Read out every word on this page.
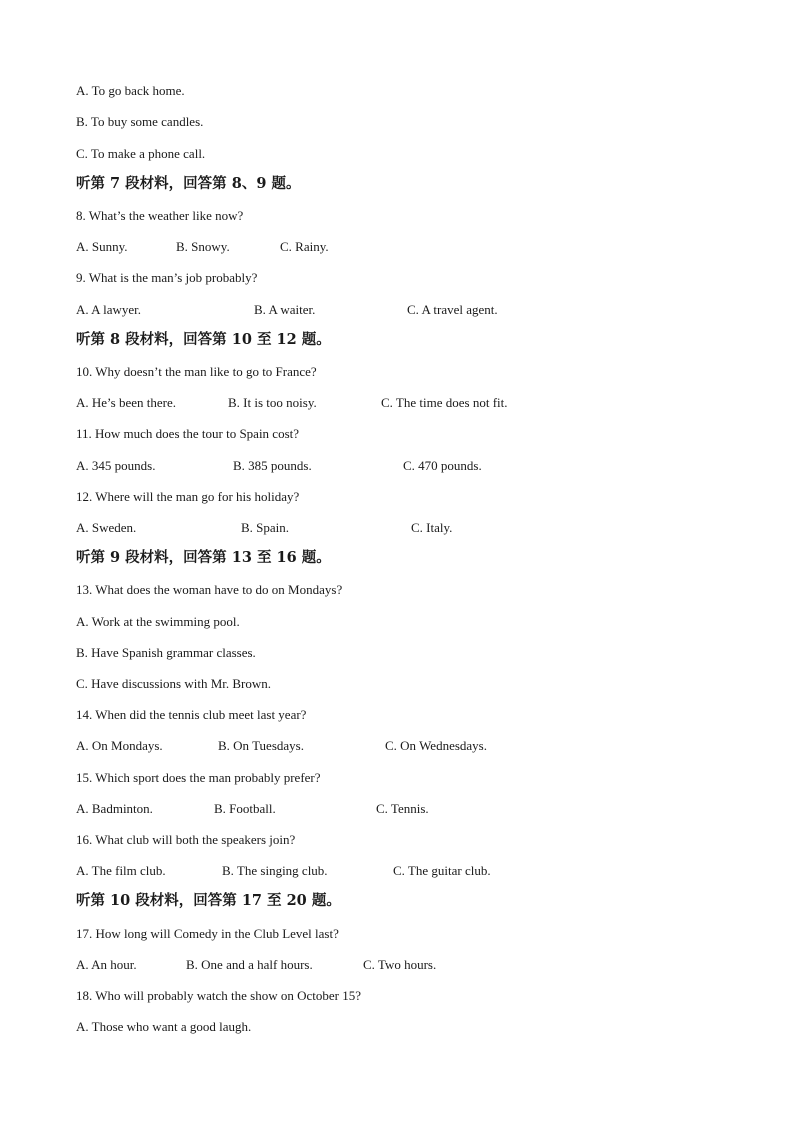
A. To go back home.
B. To buy some candles.
C. To make a phone call.
听第 7 段材料，回答第 8、9 题。
8. What’s the weather like now?
A. Sunny.	B. Snowy.	C. Rainy.
9. What is the man’s job probably?
A. A lawyer.	B. A waiter.	C. A travel agent.
听第 8 段材料，回答第 10 至 12 题。
10. Why doesn’t the man like to go to France?
A. He’s been there.	B. It is too noisy.	C. The time does not fit.
11. How much does the tour to Spain cost?
A. 345 pounds.	B. 385 pounds.	C. 470 pounds.
12. Where will the man go for his holiday?
A. Sweden.	B. Spain.	C. Italy.
听第 9 段材料，回答第 13 至 16 题。
13. What does the woman have to do on Mondays?
A. Work at the swimming pool.
B. Have Spanish grammar classes.
C. Have discussions with Mr. Brown.
14. When did the tennis club meet last year?
A. On Mondays.	B. On Tuesdays.	C. On Wednesdays.
15. Which sport does the man probably prefer?
A. Badminton.	B. Football.	C. Tennis.
16. What club will both the speakers join?
A. The film club.	B. The singing club.	C. The guitar club.
听第 10 段材料，回答第 17 至 20 题。
17. How long will Comedy in the Club Level last?
A. An hour.	B. One and a half hours.	C. Two hours.
18. Who will probably watch the show on October 15?
A. Those who want a good laugh.
